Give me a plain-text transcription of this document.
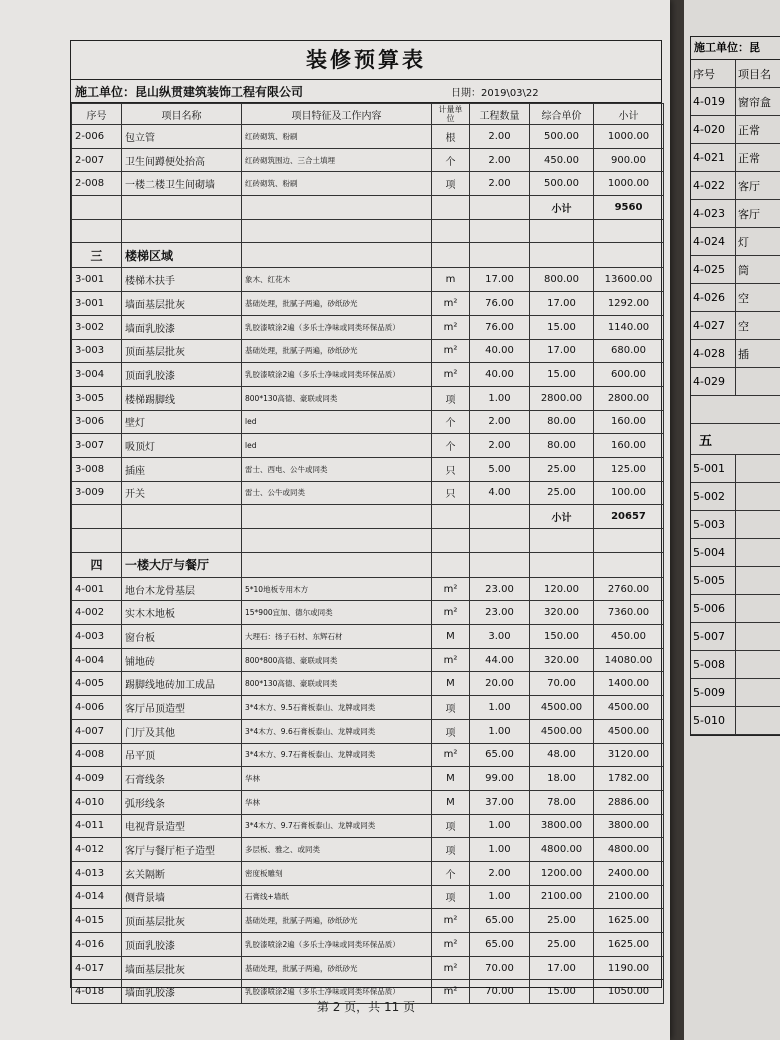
装修预算表
施工单位：昆山纵贯建筑装饰工程有限公司	日期：2019\03\22
序号	项目名称	项目特征及工作内容	计量单位	工程数量	综合单价	小计
2-006	包立管	红砖砌筑、粉刷	根	2.00	500.00	1000.00
2-007	卫生间蹲便处抬高	红砖砌筑围边、三合土填埋	个	2.00	450.00	900.00
2-008	一楼二楼卫生间砌墙	红砖砌筑、粉刷	项	2.00	500.00	1000.00
					小计	9560

三	楼梯区域					
3-001	楼梯木扶手	象木、红花木	m	17.00	800.00	13600.00
3-001	墙面基层批灰	基础处理，批腻子两遍，砂纸砂光	m²	76.00	17.00	1292.00
3-002	墙面乳胶漆	乳胶漆喷涂2遍（多乐士净味或同类环保品质）	m²	76.00	15.00	1140.00
3-003	顶面基层批灰	基础处理，批腻子两遍，砂纸砂光	m²	40.00	17.00	680.00
3-004	顶面乳胶漆	乳胶漆喷涂2遍（多乐士净味或同类环保品质）	m²	40.00	15.00	600.00
3-005	楼梯踢脚线	800*130高德、豪联或同类	项	1.00	2800.00	2800.00
3-006	壁灯	led	个	2.00	80.00	160.00
3-007	吸顶灯	led	个	2.00	80.00	160.00
3-008	插座	雷士、西电、公牛或同类	只	5.00	25.00	125.00
3-009	开关	雷士、公牛或同类	只	4.00	25.00	100.00
					小计	20657

四	一楼大厅与餐厅					
4-001	地台木龙骨基层	5*10地板专用木方	m²	23.00	120.00	2760.00
4-002	实木木地板	15*900宜加、德尔或同类	m²	23.00	320.00	7360.00
4-003	窗台板	大理石：扬子石材、东辉石材	M	3.00	150.00	450.00
4-004	铺地砖	800*800高德、豪联或同类	m²	44.00	320.00	14080.00
4-005	踢脚线地砖加工成品	800*130高德、豪联或同类	M	20.00	70.00	1400.00
4-006	客厅吊顶造型	3*4木方、9.5石膏板泰山、龙牌或同类	项	1.00	4500.00	4500.00
4-007	门厅及其他	3*4木方、9.6石膏板泰山、龙牌或同类	项	1.00	4500.00	4500.00
4-008	吊平顶	3*4木方、9.7石膏板泰山、龙牌或同类	m²	65.00	48.00	3120.00
4-009	石膏线条	华林	M	99.00	18.00	1782.00
4-010	弧形线条	华林	M	37.00	78.00	2886.00
4-011	电视背景造型	3*4木方、9.7石膏板泰山、龙牌或同类	项	1.00	3800.00	3800.00
4-012	客厅与餐厅柜子造型	多层板、雅之、或同类	项	1.00	4800.00	4800.00
4-013	玄关隔断	密度板雕刻	个	2.00	1200.00	2400.00
4-014	侧背景墙	石膏线+墙纸	项	1.00	2100.00	2100.00
4-015	顶面基层批灰	基础处理，批腻子两遍，砂纸砂光	m²	65.00	25.00	1625.00
4-016	顶面乳胶漆	乳胶漆喷涂2遍（多乐士净味或同类环保品质）	m²	65.00	25.00	1625.00
4-017	墙面基层批灰	基础处理，批腻子两遍，砂纸砂光	m²	70.00	17.00	1190.00
4-018	墙面乳胶漆	乳胶漆喷涂2遍（多乐士净味或同类环保品质）	m²	70.00	15.00	1050.00
第 2 页，共 11 页
施工单位：昆
序号	项目名
4-019	窗帘盒
4-020	正常
4-021	正常
4-022	客厅
4-023	客厅
4-024	灯
4-025	筒
4-026	空
4-027	空
4-028	插
4-029
五
5-001
5-002
5-003
5-004
5-005
5-006
5-007
5-008
5-009
5-010
